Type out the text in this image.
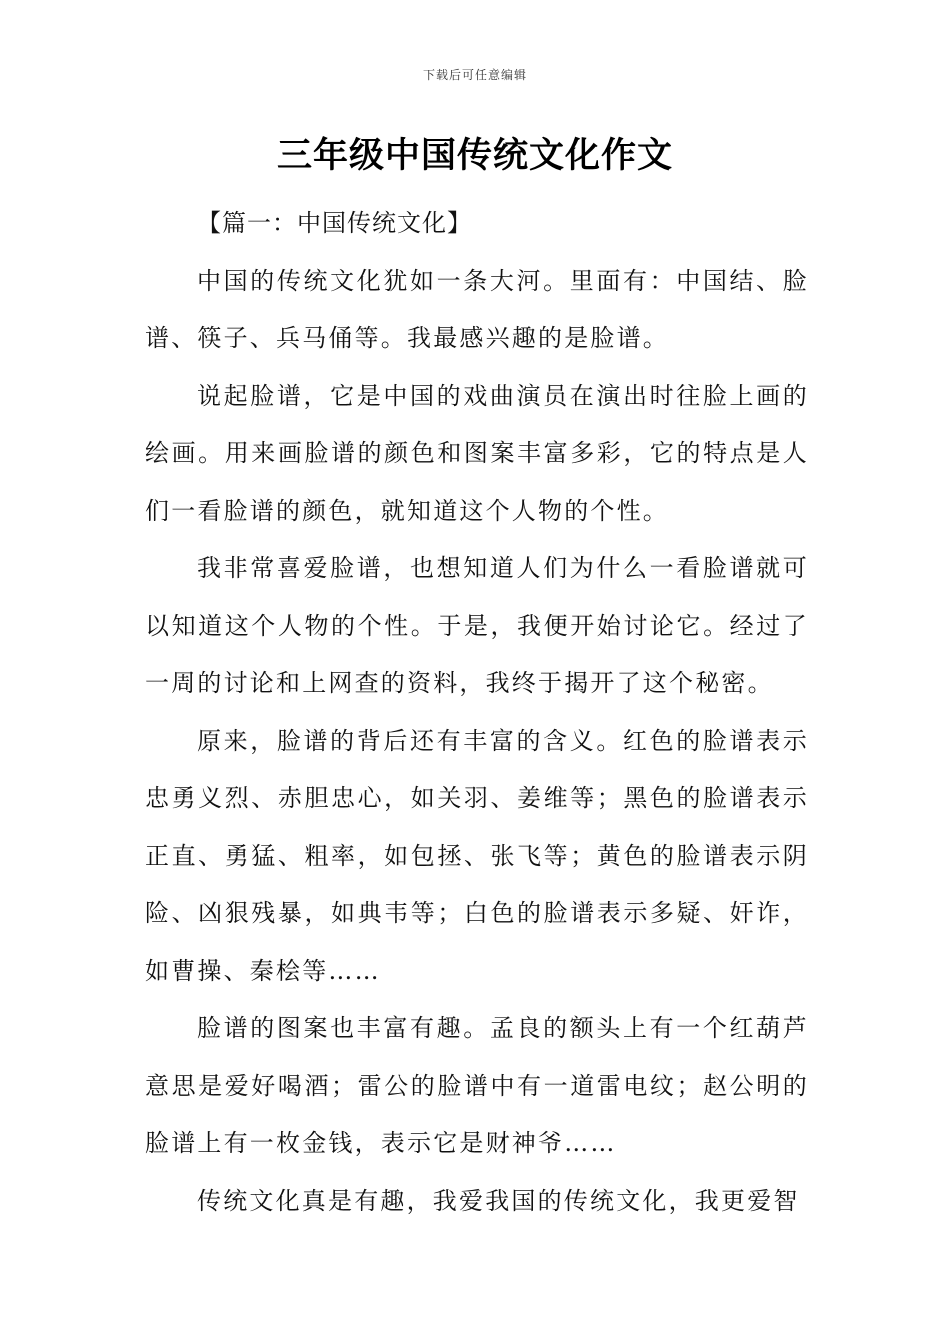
下载后可任意编辑
三年级中国传统文化作文

【篇一：中国传统文化】

中国的传统文化犹如一条大河。里面有：中国结、脸谱、筷子、兵马俑等。我最感兴趣的是脸谱。

说起脸谱，它是中国的戏曲演员在演出时往脸上画的绘画。用来画脸谱的颜色和图案丰富多彩，它的特点是人们一看脸谱的颜色，就知道这个人物的个性。

我非常喜爱脸谱，也想知道人们为什么一看脸谱就可以知道这个人物的个性。于是，我便开始讨论它。经过了一周的讨论和上网查的资料，我终于揭开了这个秘密。

原来，脸谱的背后还有丰富的含义。红色的脸谱表示忠勇义烈、赤胆忠心，如关羽、姜维等；黑色的脸谱表示正直、勇猛、粗率，如包拯、张飞等；黄色的脸谱表示阴险、凶狠残暴，如典韦等；白色的脸谱表示多疑、奸诈，如曹操、秦桧等……

脸谱的图案也丰富有趣。孟良的额头上有一个红葫芦意思是爱好喝酒；雷公的脸谱中有一道雷电纹；赵公明的脸谱上有一枚金钱，表示它是财神爷……

传统文化真是有趣，我爱我国的传统文化，我更爱智
